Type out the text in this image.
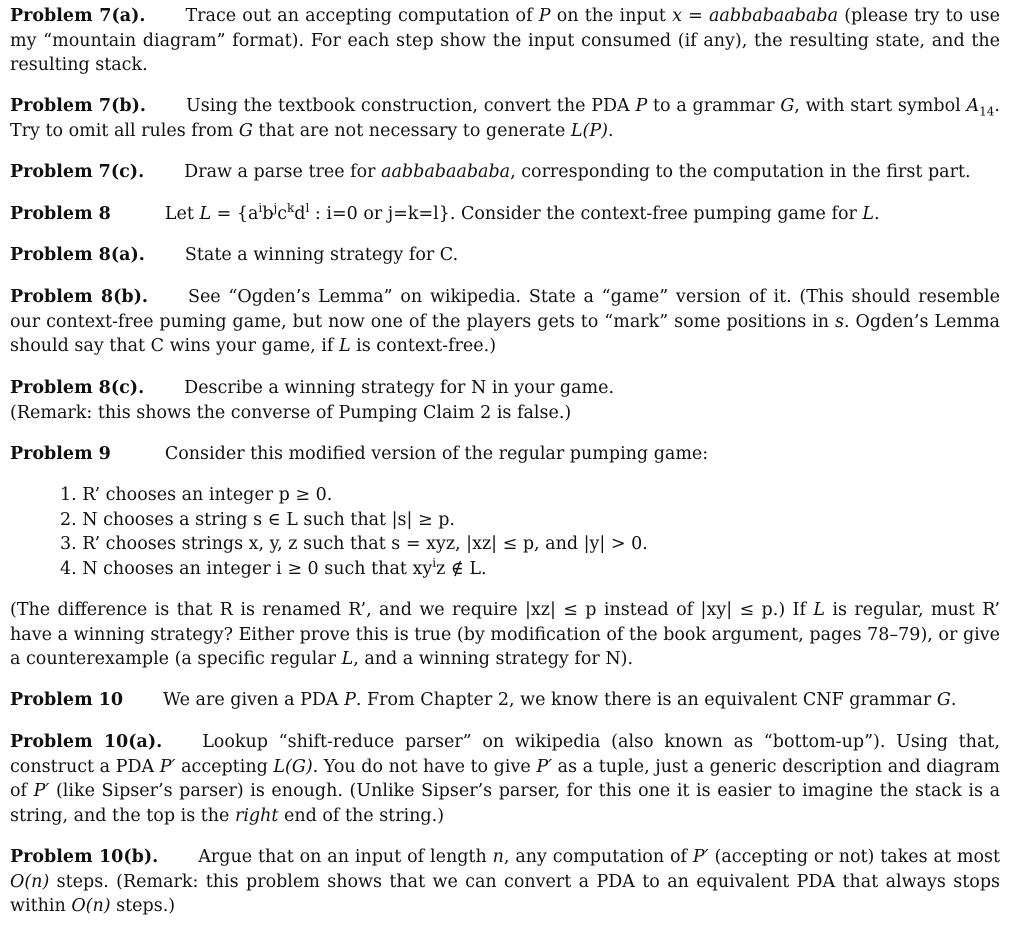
Problem 7(a). Trace out an accepting computation of P on the input x = aabbabaababa (please try to use my “mountain diagram” format). For each step show the input consumed (if any), the resulting state, and the resulting stack.
Problem 7(b). Using the textbook construction, convert the PDA P to a grammar G, with start symbol $A_{14}$. Try to omit all rules from G that are not necessary to generate L(P).
Problem 7(c). Draw a parse tree for aabbabaababa, corresponding to the computation in the first part.
Problem 8	Let $L = \{a^ib^jc^kd^l$ : i=0 or j=k=l}. Consider the context-free pumping game for L.
Problem 8(a). State a winning strategy for C.
Problem 8(b). See “Ogden’s Lemma” on wikipedia. State a “game” version of it. (This should resemble our context-free puming game, but now one of the players gets to “mark” some positions in s. Ogden’s Lemma should say that C wins your game, if L is context-free.)
Problem 8(c). Describe a winning strategy for N in your game.
(Remark: this shows the converse of Pumping Claim 2 is false.)
Problem 9	Consider this modified version of the regular pumping game:
1. R’ chooses an integer p ≥ 0.
2. N chooses a string s ∈ L such that |s| ≥ p.
3. R’ chooses strings x, y, z such that s = xyz, |xz| ≤ p, and |y| > 0.
4. N chooses an integer i ≥ 0 such that $xy^iz$ ∉ L.
(The difference is that R is renamed R’, and we require |xz| ≤ p instead of |xy| ≤ p.) If L is regular, must R’ have a winning strategy? Either prove this is true (by modification of the book argument, pages 78–79), or give a counterexample (a specific regular L, and a winning strategy for N).
Problem 10 We are given a PDA P. From Chapter 2, we know there is an equivalent CNF grammar G.
Problem 10(a). Lookup “shift-reduce parser” on wikipedia (also known as “bottom-up”). Using that, construct a PDA P′ accepting L(G). You do not have to give P′ as a tuple, just a generic description and diagram of P′ (like Sipser’s parser) is enough. (Unlike Sipser’s parser, for this one it is easier to imagine the stack is a string, and the top is the right end of the string.)
Problem 10(b). Argue that on an input of length n, any computation of P′ (accepting or not) takes at most O(n) steps. (Remark: this problem shows that we can convert a PDA to an equivalent PDA that always stops within O(n) steps.)
